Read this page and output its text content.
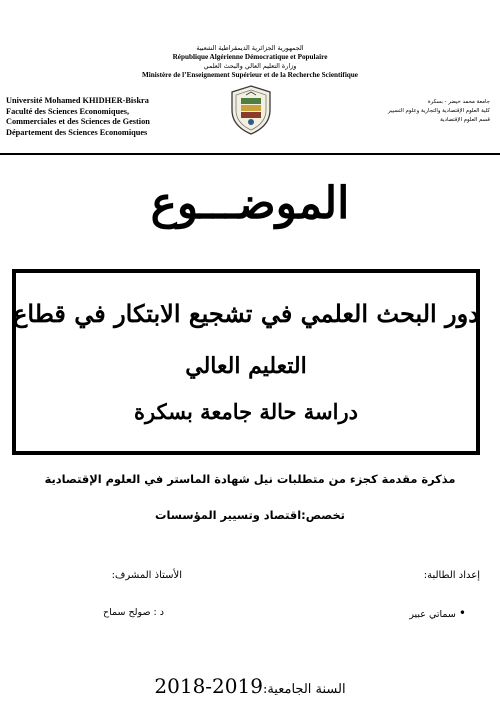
الجمهورية الجزائرية الديمقراطية الشعبية
République Algérienne Démocratique et Populaire
وزارة التعليم العالي والبحث العلمي
Ministère de l’Enseignement Supérieur et de la Recherche Scientifique
Université Mohamed KHIDHER-Biskra
Faculté des Sciences Economiques,
Commerciales et des Sciences de Gestion
Département des Sciences Economiques
جامعة محمد خيضر - بسكرة
كلية العلوم الإقتصادية والتجارية وعلوم التسيير
قسم العلوم الإقتصادية
الموضـــوع
دور البحث العلمي في تشجيع الابتكار في قطاع
التعليم العالي
دراسة حالة جامعة بسكرة
مذكرة مقدمة كجزء من متطلبات نيل شهادة الماستر في العلوم الإقتصادية
تخصص:اقتصاد وتسيير المؤسسات
إعداد الطالبة:
الأستاذ المشرف:
• سماتي عبير
د : صولح سماح
السنة الجامعية:2018-2019
